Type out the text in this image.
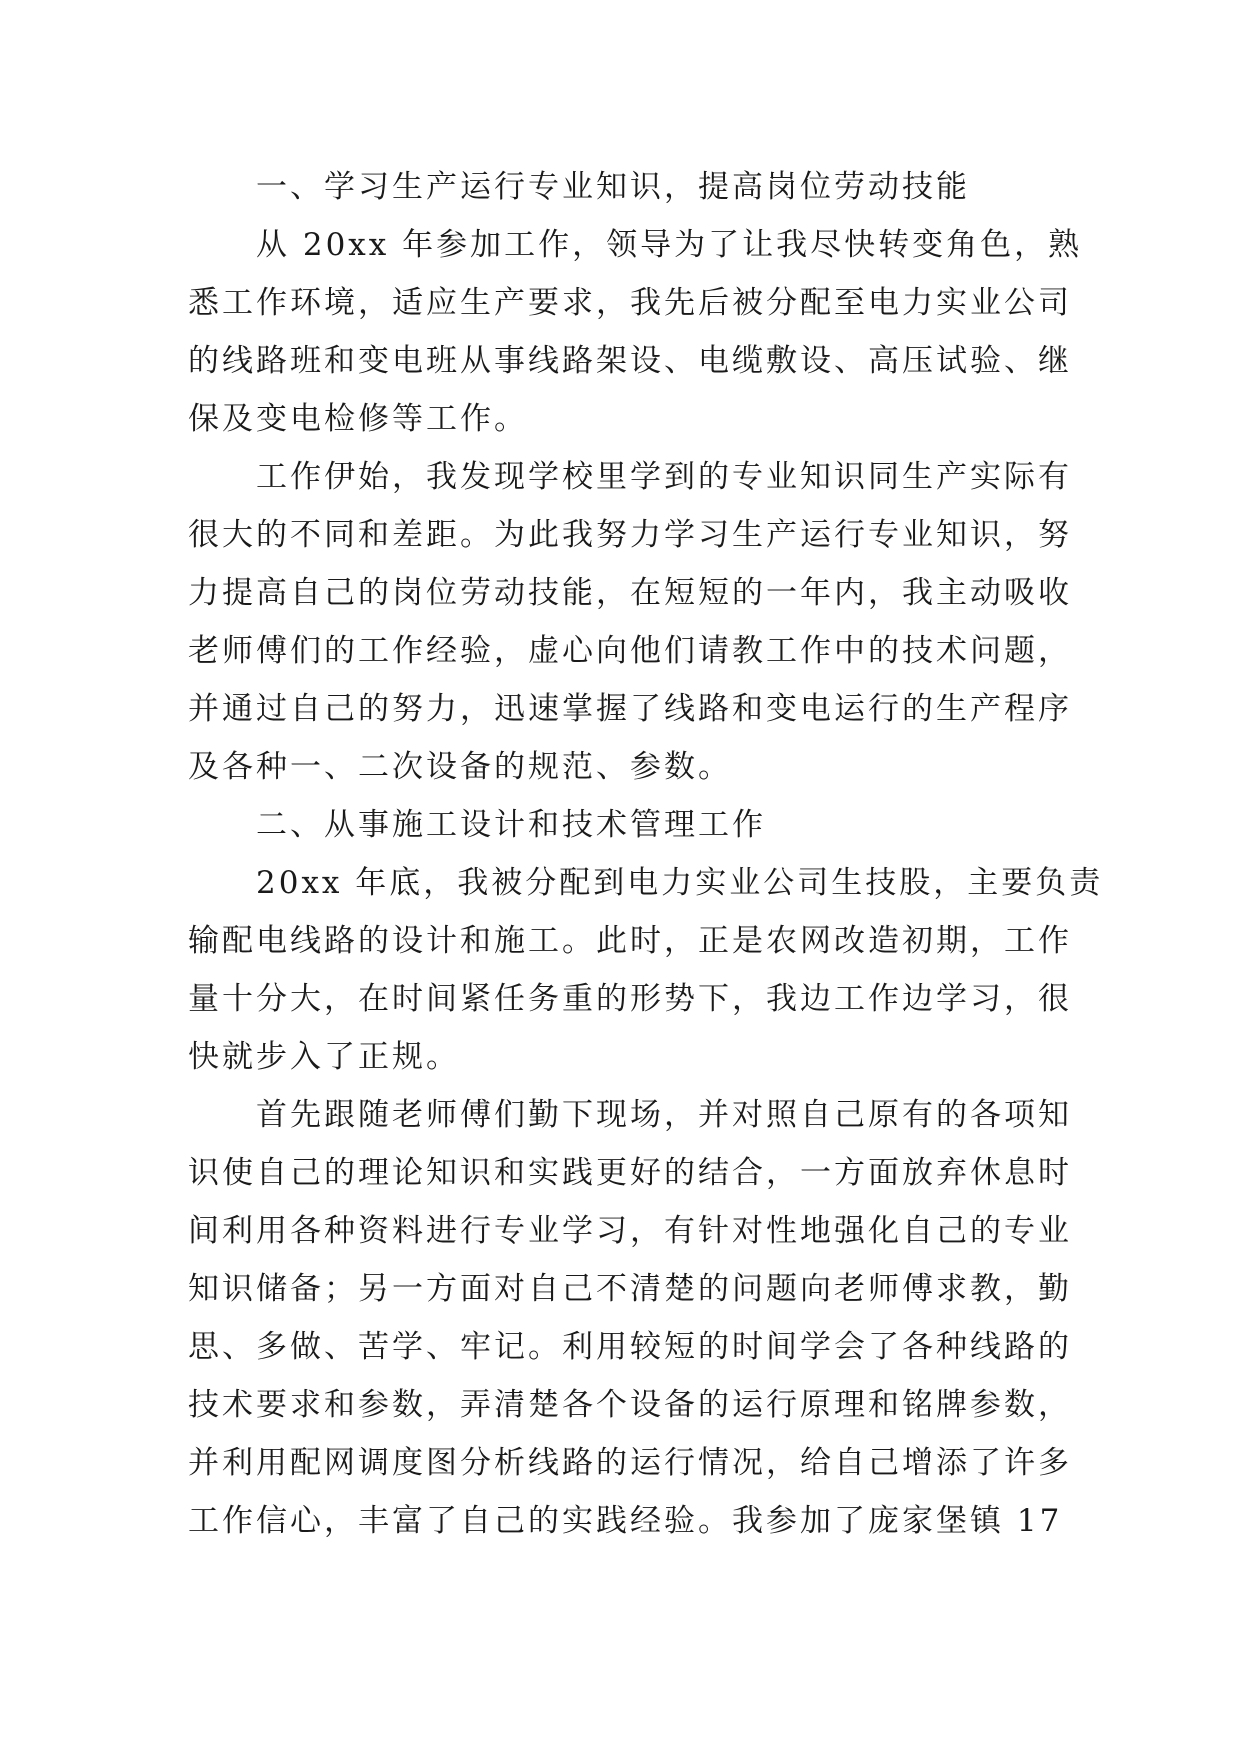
一、学习生产运行专业知识，提高岗位劳动技能
从 20xx 年参加工作，领导为了让我尽快转变角色，熟
悉工作环境，适应生产要求，我先后被分配至电力实业公司
的线路班和变电班从事线路架设、电缆敷设、高压试验、继
保及变电检修等工作。
工作伊始，我发现学校里学到的专业知识同生产实际有
很大的不同和差距。为此我努力学习生产运行专业知识，努
力提高自己的岗位劳动技能，在短短的一年内，我主动吸收
老师傅们的工作经验，虚心向他们请教工作中的技术问题，
并通过自己的努力，迅速掌握了线路和变电运行的生产程序
及各种一、二次设备的规范、参数。
二、从事施工设计和技术管理工作
20xx 年底，我被分配到电力实业公司生技股，主要负责
输配电线路的设计和施工。此时，正是农网改造初期，工作
量十分大，在时间紧任务重的形势下，我边工作边学习，很
快就步入了正规。
首先跟随老师傅们勤下现场，并对照自己原有的各项知
识使自己的理论知识和实践更好的结合，一方面放弃休息时
间利用各种资料进行专业学习，有针对性地强化自己的专业
知识储备；另一方面对自己不清楚的问题向老师傅求教，勤
思、多做、苦学、牢记。利用较短的时间学会了各种线路的
技术要求和参数，弄清楚各个设备的运行原理和铭牌参数，
并利用配网调度图分析线路的运行情况，给自己增添了许多
工作信心，丰富了自己的实践经验。我参加了庞家堡镇 17
